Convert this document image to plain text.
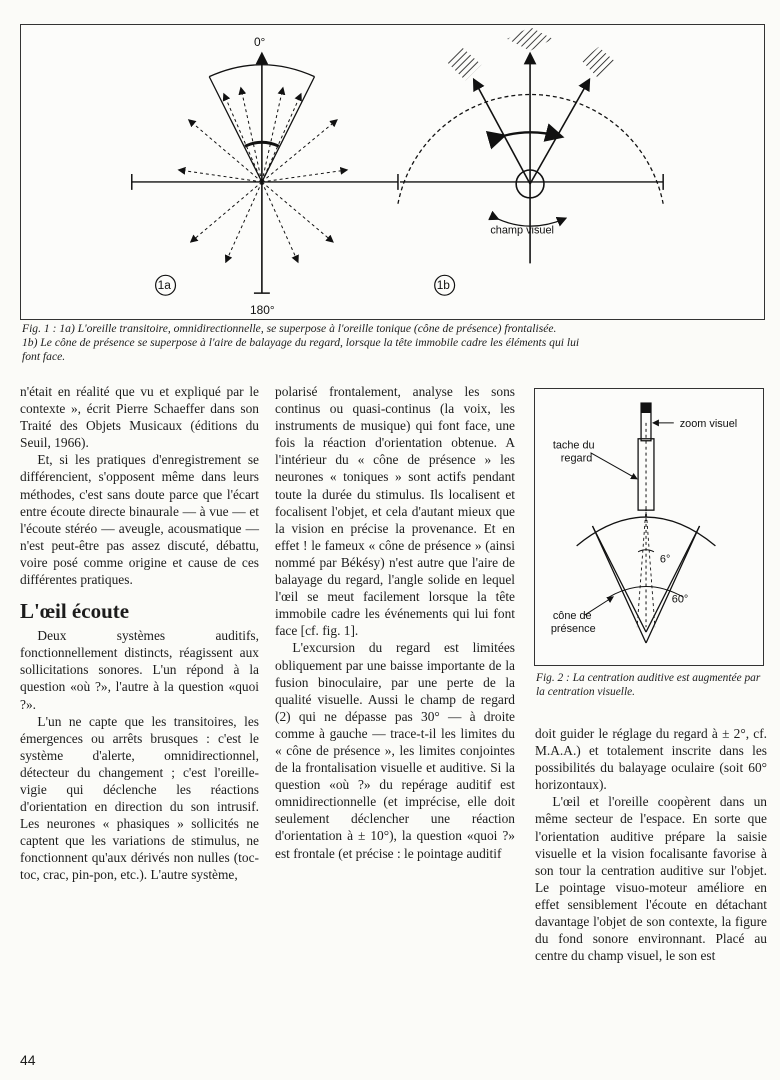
0°
180°
1a
champ visuel
1b
Fig. 1 : 1a) L'oreille transitoire, omnidirectionnelle, se superpose à l'oreille tonique (cône de présence) frontalisée.
1b) Le cône de présence se superpose à l'aire de balayage du regard, lorsque la tête immobile cadre les éléments qui lui
font face.

n'était en réalité que vu et expliqué par le contexte », écrit Pierre Schaeffer dans son Traité des Objets Musicaux (éditions du Seuil, 1966).

Et, si les pratiques d'enregistrement se différencient, s'opposent même dans leurs méthodes, c'est sans doute parce que l'écart entre écoute directe binaurale — à vue — et l'écoute stéréo — aveugle, acousmatique — n'est peut-être pas assez discuté, débattu, voire posé comme origine et cause de ces différentes pratiques.

L'œil écoute

Deux systèmes auditifs, fonctionnellement distincts, réagissent aux sollicitations sonores. L'un répond à la question «où ?», l'autre à la question «quoi ?».

L'un ne capte que les transitoires, les émergences ou arrêts brusques : c'est le système d'alerte, omnidirectionnel, détecteur du changement ; c'est l'oreille-vigie qui déclenche les réactions d'orientation en direction du son intrusif. Les neurones « phasiques » sollicités ne captent que les variations de stimulus, ne fonctionnent qu'aux dérivés non nulles (toc-toc, crac, pin-pon, etc.). L'autre système,

polarisé frontalement, analyse les sons continus ou quasi-continus (la voix, les instruments de musique) qui font face, une fois la réaction d'orientation obtenue. A l'intérieur du « cône de présence » les neurones « toniques » sont actifs pendant toute la durée du stimulus. Ils localisent et focalisent l'objet, et cela d'autant mieux que la vision en précise la provenance. Et en effet ! le fameux « cône de présence » (ainsi nommé par Békésy) n'est autre que l'aire de balayage du regard, l'angle solide en lequel l'œil se meut facilement lorsque la tête immobile cadre les événements qui lui font face [cf. fig. 1].

L'excursion du regard est limitées obliquement par une baisse importante de la fusion binoculaire, par une perte de la qualité visuelle. Aussi le champ de regard (2) qui ne dépasse pas 30° — à droite comme à gauche — trace-t-il les limites du « cône de présence », les limites conjointes de la frontalisation visuelle et auditive. Si la question «où ?» du repérage auditif est omnidirectionnelle (et imprécise, elle doit seulement déclencher une réaction d'orientation à ± 10°), la question «quoi ?» est frontale (et précise : le pointage auditif

zoom visuel
tache du
regard
6°
60°
cône de
présence
Fig. 2 : La centration auditive est augmentée par la centration visuelle.

doit guider le réglage du regard à ± 2°, cf. M.A.A.) et totalement inscrite dans les possibilités du balayage oculaire (soit 60° horizontaux).

L'œil et l'oreille coopèrent dans un même secteur de l'espace. En sorte que l'orientation auditive prépare la saisie visuelle et la vision focalisante favorise à son tour la centration auditive sur l'objet. Le pointage visuo-moteur améliore en effet sensiblement l'écoute en détachant davantage l'objet de son contexte, la figure du fond sonore environnant. Placé au centre du champ visuel, le son est

44
